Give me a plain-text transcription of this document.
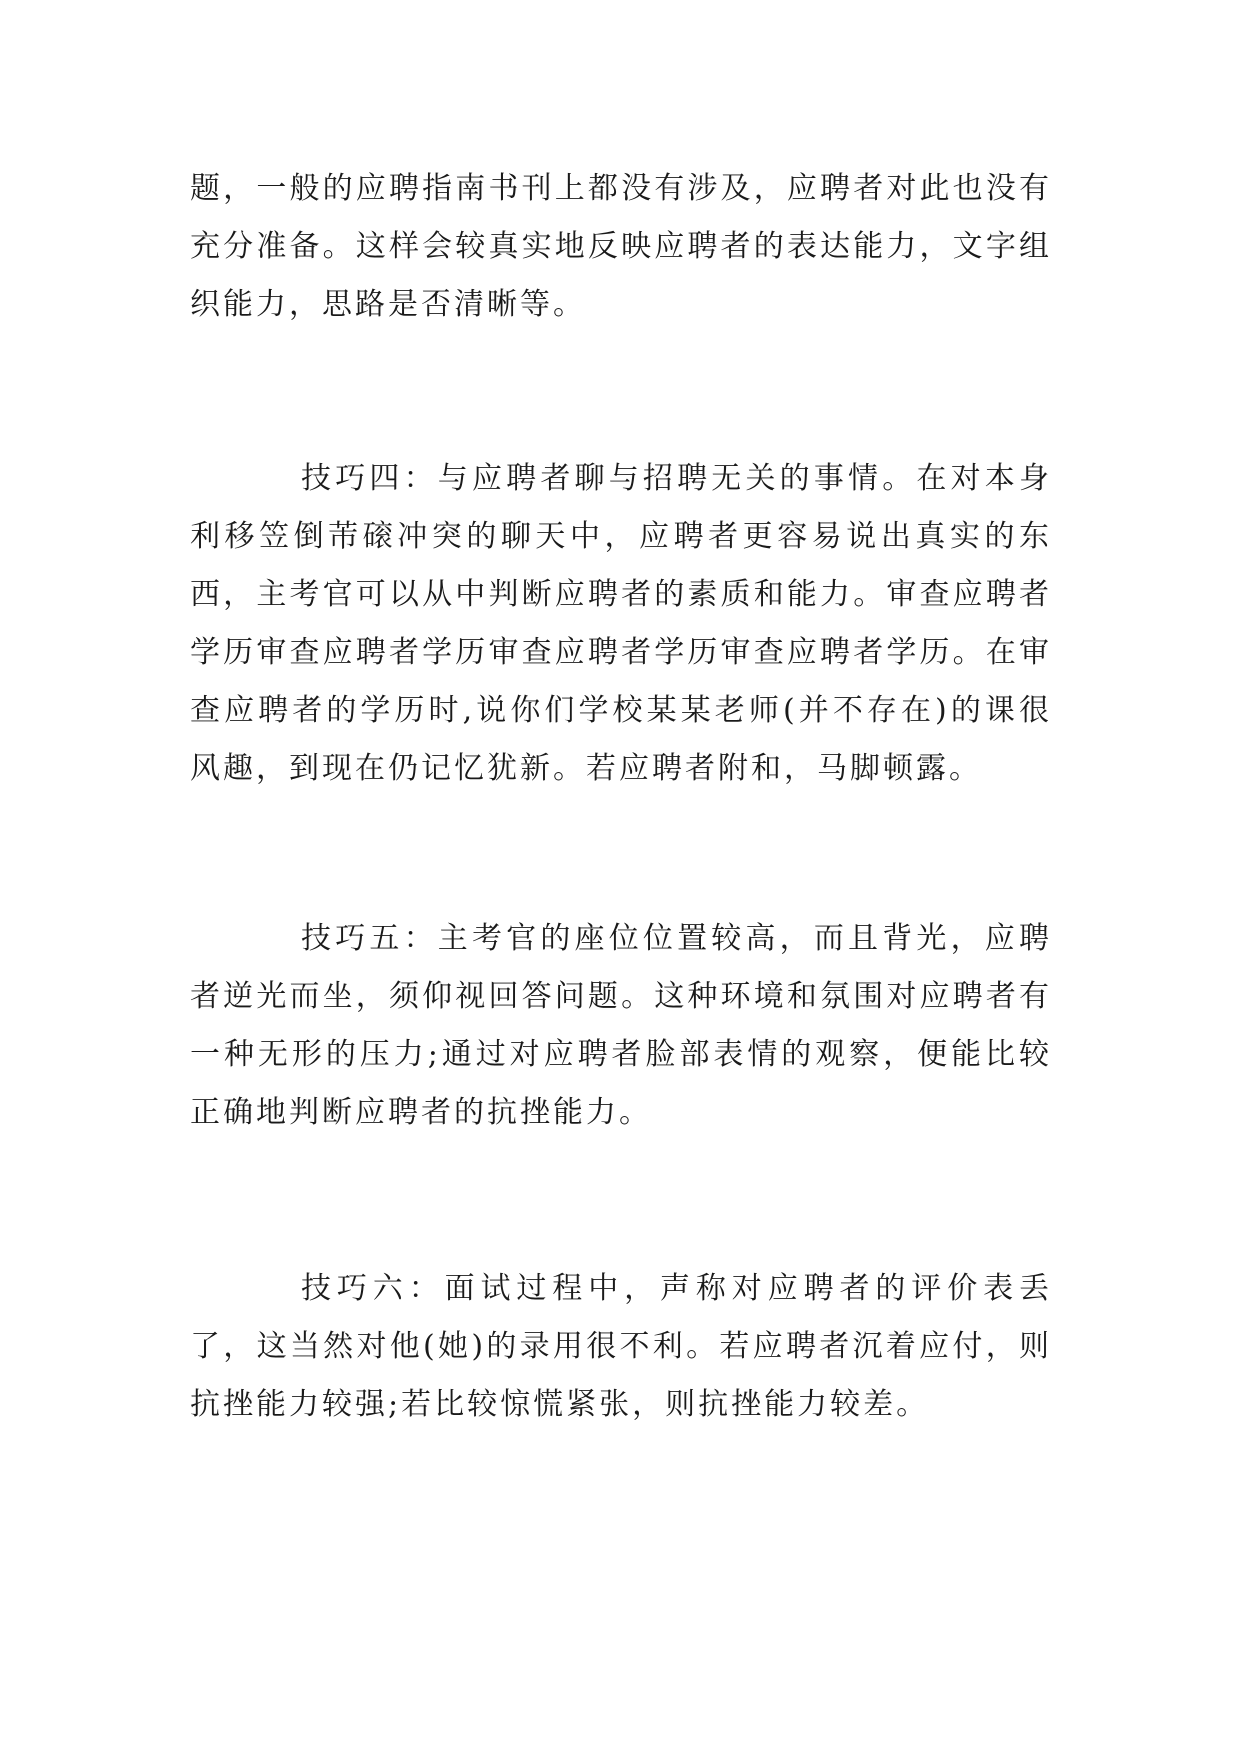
题，一般的应聘指南书刊上都没有涉及，应聘者对此也没有充分准备。这样会较真实地反映应聘者的表达能力，文字组织能力，思路是否清晰等。

技巧四：与应聘者聊与招聘无关的事情。在对本身利移笠倒芾磙冲突的聊天中，应聘者更容易说出真实的东西，主考官可以从中判断应聘者的素质和能力。审查应聘者学历审查应聘者学历审查应聘者学历审查应聘者学历。在审查应聘者的学历时,说你们学校某某老师(并不存在)的课很风趣，到现在仍记忆犹新。若应聘者附和，马脚顿露。

技巧五：主考官的座位位置较高，而且背光，应聘者逆光而坐，须仰视回答问题。这种环境和氛围对应聘者有一种无形的压力;通过对应聘者脸部表情的观察，便能比较正确地判断应聘者的抗挫能力。

技巧六：面试过程中，声称对应聘者的评价表丢了，这当然对他(她)的录用很不利。若应聘者沉着应付，则抗挫能力较强;若比较惊慌紧张，则抗挫能力较差。
